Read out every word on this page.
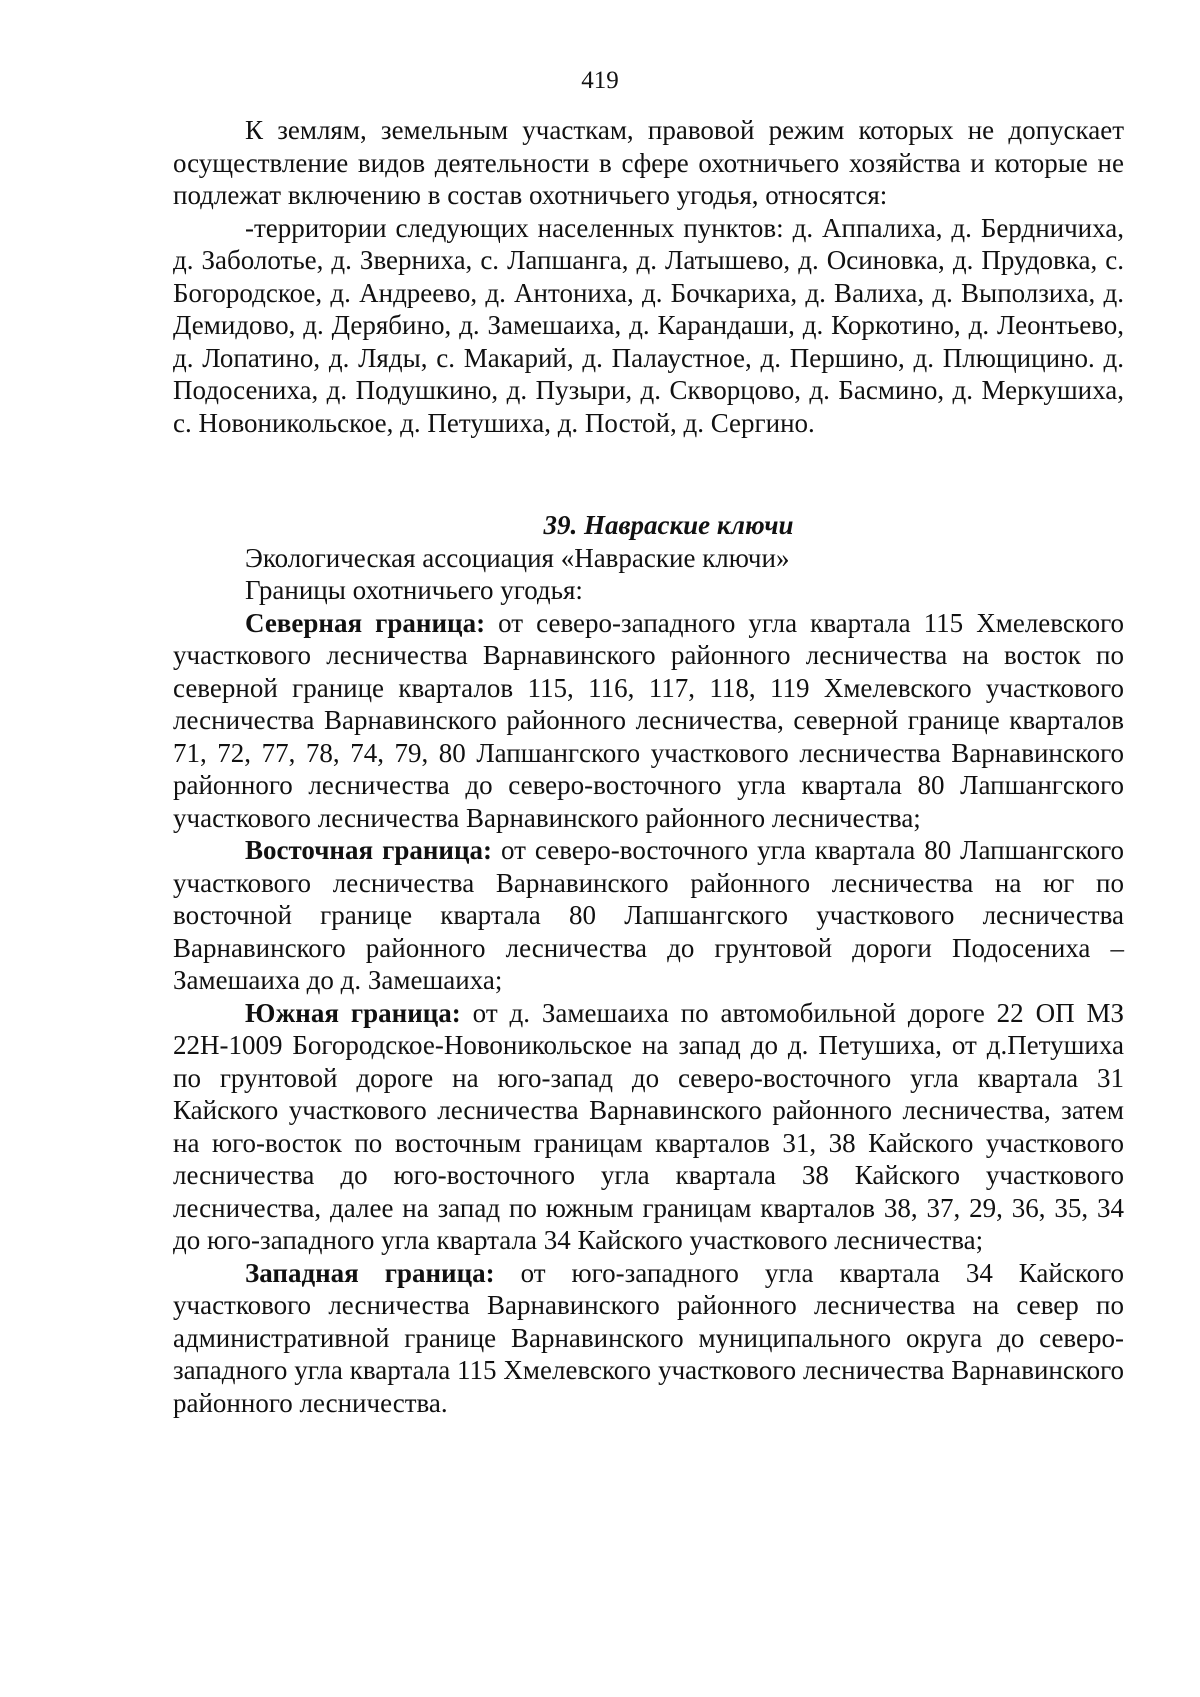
419

К землям, земельным участкам, правовой режим которых не допускает осуществление видов деятельности в сфере охотничьего хозяйства и которые не подлежат включению в состав охотничьего угодья, относятся:

-территории следующих населенных пунктов: д. Аппалиха, д. Бердничиха, д. Заболотье, д. Зверниха, с. Лапшанга, д. Латышево, д. Осиновка, д. Прудовка, с. Богородское, д. Андреево, д. Антониха, д. Бочкариха, д. Валиха, д. Выползиха, д. Демидово, д. Дерябино, д. Замешаиха, д. Карандаши, д. Коркотино, д. Леонтьево, д. Лопатино, д. Ляды, с. Макарий, д. Палаустное, д. Першино, д. Плющицино. д. Подосениха, д. Подушкино, д. Пузыри, д. Скворцово, д. Басмино, д. Меркушиха, с. Новоникольское, д. Петушиха, д. Постой, д. Сергино.

39. Навраские ключи

Экологическая ассоциация «Навраские ключи»

Границы охотничьего угодья:

Северная граница: от северо-западного угла квартала 115 Хмелевского участкового лесничества Варнавинского районного лесничества на восток по северной границе кварталов 115, 116, 117, 118, 119 Хмелевского участкового лесничества Варнавинского районного лесничества, северной границе кварталов 71, 72, 77, 78, 74, 79, 80 Лапшангского участкового лесничества Варнавинского районного лесничества до северо-восточного угла квартала 80 Лапшангского участкового лесничества Варнавинского районного лесничества;

Восточная граница: от северо-восточного угла квартала 80 Лапшангского участкового лесничества Варнавинского районного лесничества на юг по восточной границе квартала 80 Лапшангского участкового лесничества Варнавинского районного лесничества до грунтовой дороги Подосениха – Замешаиха до д. Замешаиха;

Южная граница: от д. Замешаиха по автомобильной дороге 22 ОП МЗ 22Н-1009 Богородское-Новоникольское на запад до д. Петушиха, от д.Петушиха по грунтовой дороге на юго-запад до северо-восточного угла квартала 31 Кайского участкового лесничества Варнавинского районного лесничества, затем на юго-восток по восточным границам кварталов 31, 38 Кайского участкового лесничества до юго-восточного угла квартала 38 Кайского участкового лесничества, далее на запад по южным границам кварталов 38, 37, 29, 36, 35, 34 до юго-западного угла квартала 34 Кайского участкового лесничества;

Западная граница: от юго-западного угла квартала 34 Кайского участкового лесничества Варнавинского районного лесничества на север по административной границе Варнавинского муниципального округа до северо-западного угла квартала 115 Хмелевского участкового лесничества Варнавинского районного лесничества.
